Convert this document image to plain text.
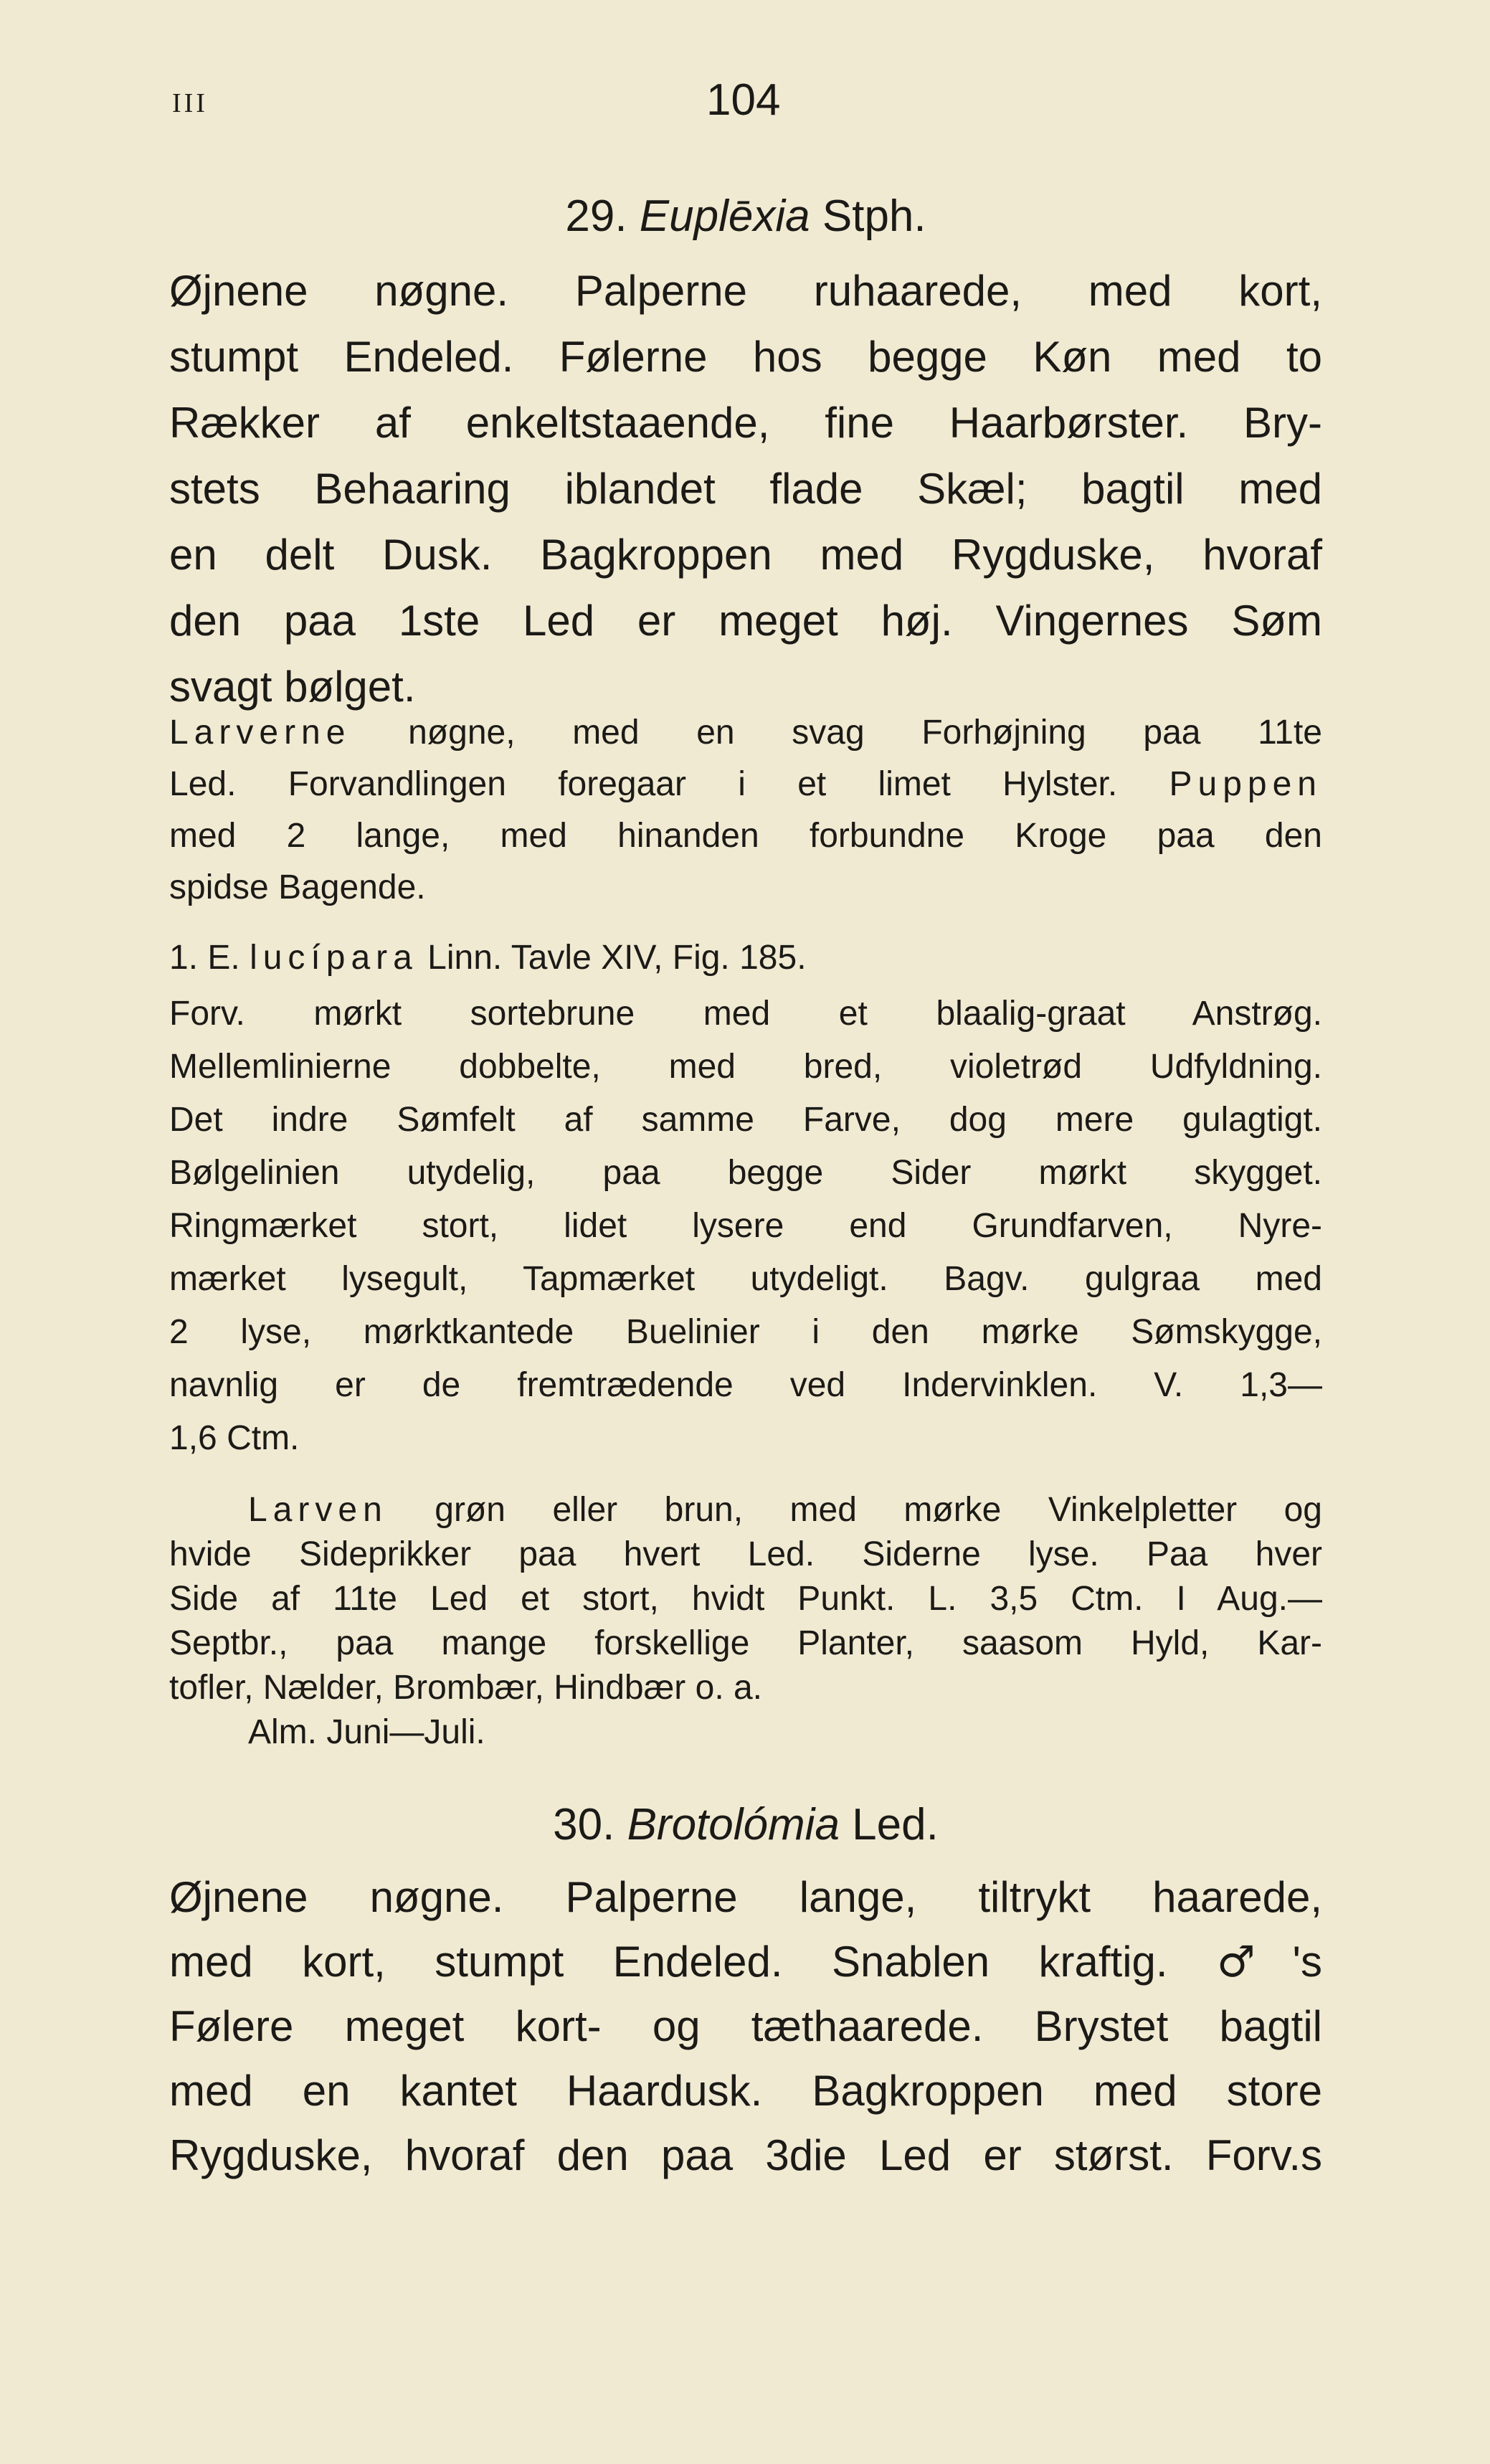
III	104
29. Euplēxia Stph.
Øjnene nøgne. Palperne ruhaarede, med kort,
stumpt Endeled. Følerne hos begge Køn med to
Rækker af enkeltstaaende, fine Haarbørster. Bry-
stets Behaaring iblandet flade Skæl; bagtil med
en delt Dusk. Bagkroppen med Rygduske, hvoraf
den paa 1ste Led er meget høj. Vingernes Søm
svagt bølget.
Larverne nøgne, med en svag Forhøjning paa 11te
Led. Forvandlingen foregaar i et limet Hylster. Puppen
med 2 lange, med hinanden forbundne Kroge paa den
spidse Bagende.
1. E. lucípara Linn. Tavle XIV, Fig. 185.
Forv. mørkt sortebrune med et blaalig-graat Anstrøg.
Mellemlinierne dobbelte, med bred, violetrød Udfyldning.
Det indre Sømfelt af samme Farve, dog mere gulagtigt.
Bølgelinien utydelig, paa begge Sider mørkt skygget.
Ringmærket stort, lidet lysere end Grundfarven, Nyre-
mærket lysegult, Tapmærket utydeligt. Bagv. gulgraa med
2 lyse, mørktkantede Buelinier i den mørke Sømskygge,
navnlig er de fremtrædende ved Indervinklen. V. 1,3—
1,6 Ctm.
Larven grøn eller brun, med mørke Vinkelpletter og
hvide Sideprikker paa hvert Led. Siderne lyse. Paa hver
Side af 11te Led et stort, hvidt Punkt. L. 3,5 Ctm. I Aug.—
Septbr., paa mange forskellige Planter, saasom Hyld, Kar-
tofler, Nælder, Brombær, Hindbær o. a.
Alm. Juni—Juli.
30. Brotolómia Led.
Øjnene nøgne. Palperne lange, tiltrykt haarede,
med kort, stumpt Endeled. Snablen kraftig. ♂'s
Følere meget kort- og tæthaarede. Brystet bagtil
med en kantet Haardusk. Bagkroppen med store
Rygduske, hvoraf den paa 3die Led er størst. Forv.s
